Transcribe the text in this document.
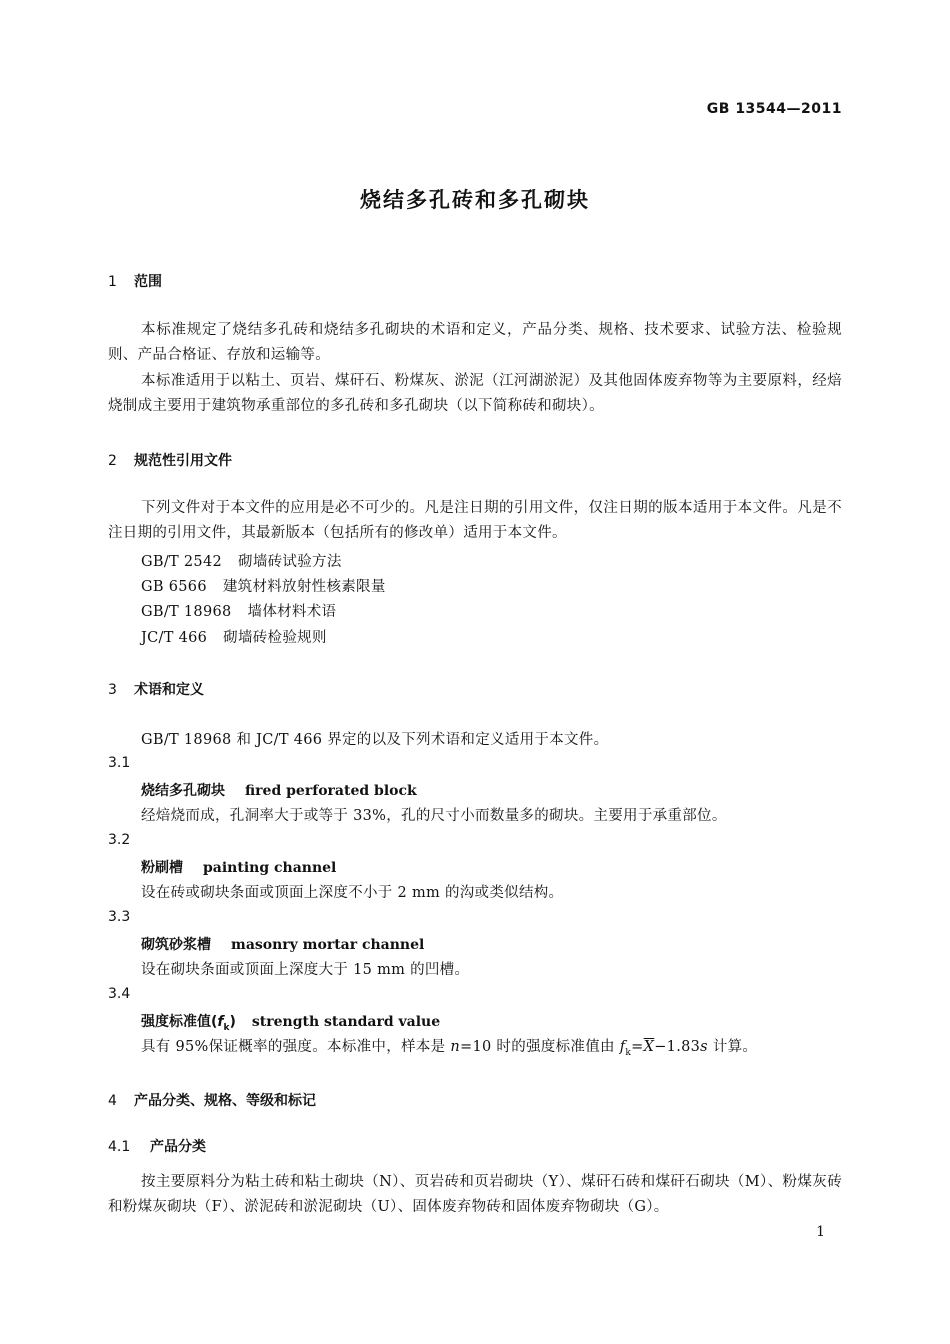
GB 13544—2011
烧结多孔砖和多孔砌块
1 范围
本标准规定了烧结多孔砖和烧结多孔砌块的术语和定义，产品分类、规格、技术要求、试验方法、检验规则、产品合格证、存放和运输等。
本标准适用于以粘土、页岩、煤矸石、粉煤灰、淤泥（江河湖淤泥）及其他固体废弃物等为主要原料，经焙烧制成主要用于建筑物承重部位的多孔砖和多孔砌块（以下简称砖和砌块）。
2 规范性引用文件
下列文件对于本文件的应用是必不可少的。凡是注日期的引用文件，仅注日期的版本适用于本文件。凡是不注日期的引用文件，其最新版本（包括所有的修改单）适用于本文件。
GB/T 2542 砌墙砖试验方法
GB 6566 建筑材料放射性核素限量
GB/T 18968 墙体材料术语
JC/T 466 砌墙砖检验规则
3 术语和定义
GB/T 18968 和 JC/T 466 界定的以及下列术语和定义适用于本文件。
3.1
烧结多孔砌块 fired perforated block
经焙烧而成，孔洞率大于或等于 33%，孔的尺寸小而数量多的砌块。主要用于承重部位。
3.2
粉刷槽 painting channel
设在砖或砌块条面或顶面上深度不小于 2 mm 的沟或类似结构。
3.3
砌筑砂浆槽 masonry mortar channel
设在砌块条面或顶面上深度大于 15 mm 的凹槽。
3.4
强度标准值$(f_k)$ strength standard value
具有 95%保证概率的强度。本标准中，样本是 n=10 时的强度标准值由 $f_k=\overline{X}-1.83s$ 计算。
4 产品分类、规格、等级和标记
4.1 产品分类
按主要原料分为粘土砖和粘土砌块（N）、页岩砖和页岩砌块（Y）、煤矸石砖和煤矸石砌块（M）、粉煤灰砖和粉煤灰砌块（F）、淤泥砖和淤泥砌块（U）、固体废弃物砖和固体废弃物砌块（G）。
1
